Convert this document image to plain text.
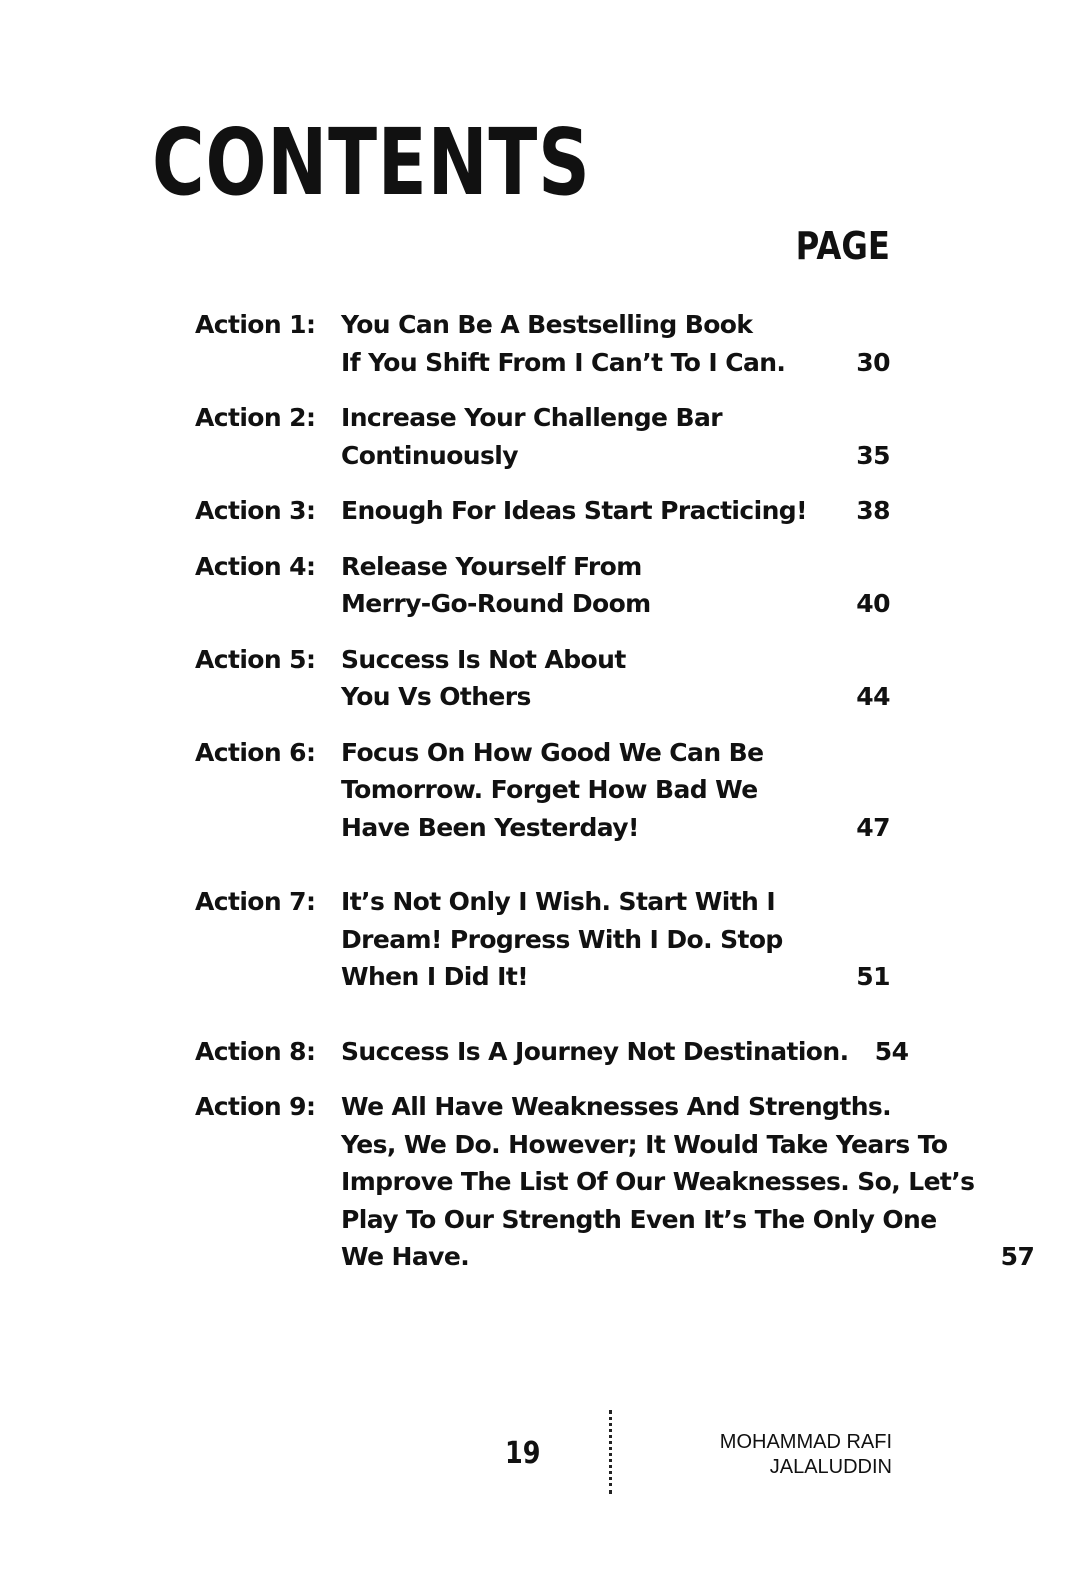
CONTENTS
PAGE
Action 1:	You Can Be A Bestselling Book
If You Shift From I Can’t To I Can.	30
Action 2:	Increase Your Challenge Bar
Continuously	35
Action 3:	Enough For Ideas Start Practicing!	38
Action 4:	Release Yourself From
Merry-Go-Round Doom	40
Action 5:	Success Is Not About
You Vs Others	44
Action 6:	Focus On How Good We Can Be
Tomorrow. Forget How Bad We
Have Been Yesterday!	47
Action 7:	It’s Not Only I Wish. Start With I
Dream! Progress With I Do. Stop
When I Did It!	51
Action 8:	Success Is A Journey Not Destination.	54
Action 9:	We All Have Weaknesses And Strengths.
Yes, We Do. However; It Would Take Years To
Improve The List Of Our Weaknesses. So, Let’s
Play To Our Strength Even It’s The Only One
We Have.	57
19	MOHAMMAD RAFI
JALALUDDIN
